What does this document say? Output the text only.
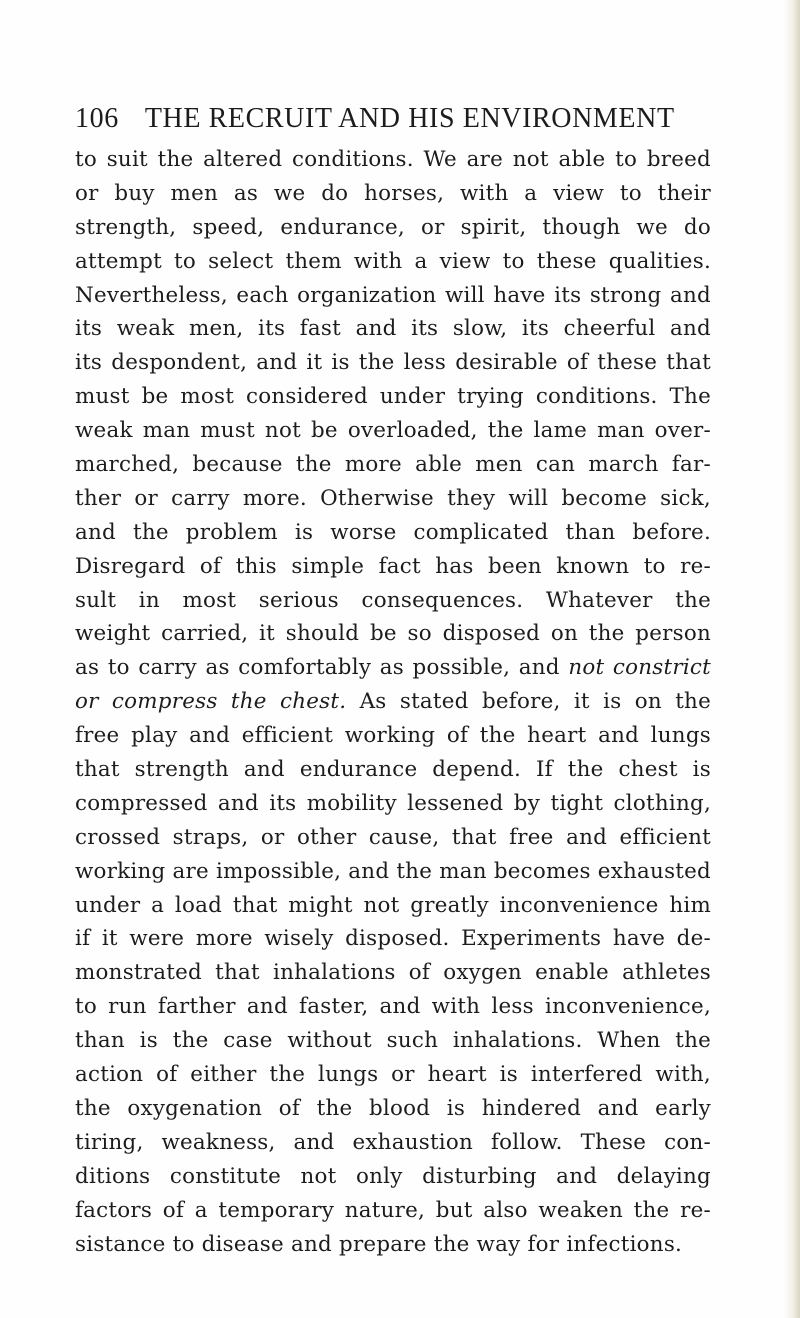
106 THE RECRUIT AND HIS ENVIRONMENT
to suit the altered conditions. We are not able to breed
or buy men as we do horses, with a view to their
strength, speed, endurance, or spirit, though we do
attempt to select them with a view to these qualities.
Nevertheless, each organization will have its strong and
its weak men, its fast and its slow, its cheerful and
its despondent, and it is the less desirable of these that
must be most considered under trying conditions. The
weak man must not be overloaded, the lame man over-
marched, because the more able men can march far-
ther or carry more. Otherwise they will become sick,
and the problem is worse complicated than before.
Disregard of this simple fact has been known to re-
sult in most serious consequences. Whatever the
weight carried, it should be so disposed on the person
as to carry as comfortably as possible, and not constrict
or compress the chest. As stated before, it is on the
free play and efficient working of the heart and lungs
that strength and endurance depend. If the chest is
compressed and its mobility lessened by tight clothing,
crossed straps, or other cause, that free and efficient
working are impossible, and the man becomes exhausted
under a load that might not greatly inconvenience him
if it were more wisely disposed. Experiments have de-
monstrated that inhalations of oxygen enable athletes
to run farther and faster, and with less inconvenience,
than is the case without such inhalations. When the
action of either the lungs or heart is interfered with,
the oxygenation of the blood is hindered and early
tiring, weakness, and exhaustion follow. These con-
ditions constitute not only disturbing and delaying
factors of a temporary nature, but also weaken the re-
sistance to disease and prepare the way for infections.
